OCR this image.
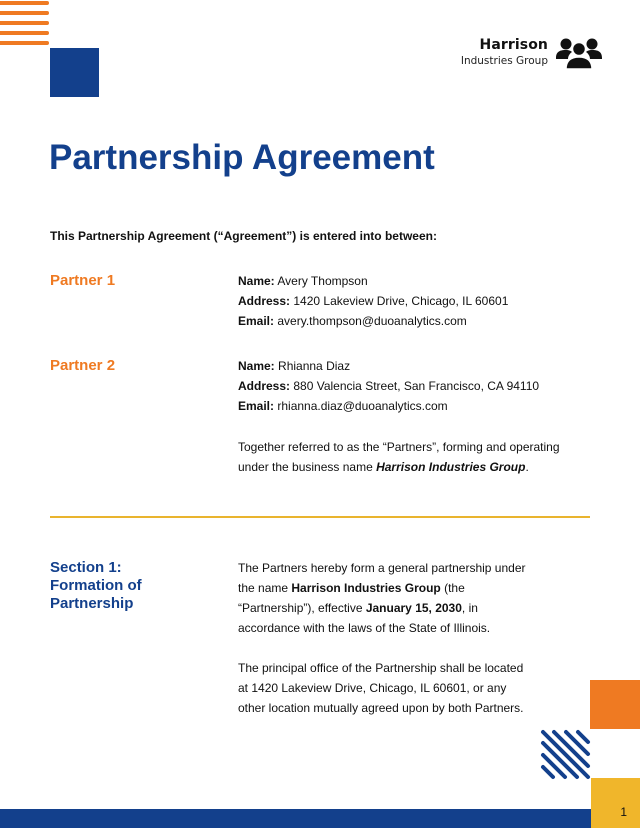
Harrison
Industries Group
Partnership Agreement
This Partnership Agreement (“Agreement”) is entered into between:
Partner 1	Name: Avery Thompson
Address: 1420 Lakeview Drive, Chicago, IL 60601
Email: avery.thompson@duoanalytics.com
Partner 2	Name: Rhianna Diaz
Address: 880 Valencia Street, San Francisco, CA 94110
Email: rhianna.diaz@duoanalytics.com
Together referred to as the “Partners”, forming and operating
under the business name Harrison Industries Group.
Section 1:
Formation of
Partnership
The Partners hereby form a general partnership under
the name Harrison Industries Group (the
“Partnership”), effective January 15, 2030, in
accordance with the laws of the State of Illinois.
The principal office of the Partnership shall be located
at 1420 Lakeview Drive, Chicago, IL 60601, or any
other location mutually agreed upon by both Partners.
1
